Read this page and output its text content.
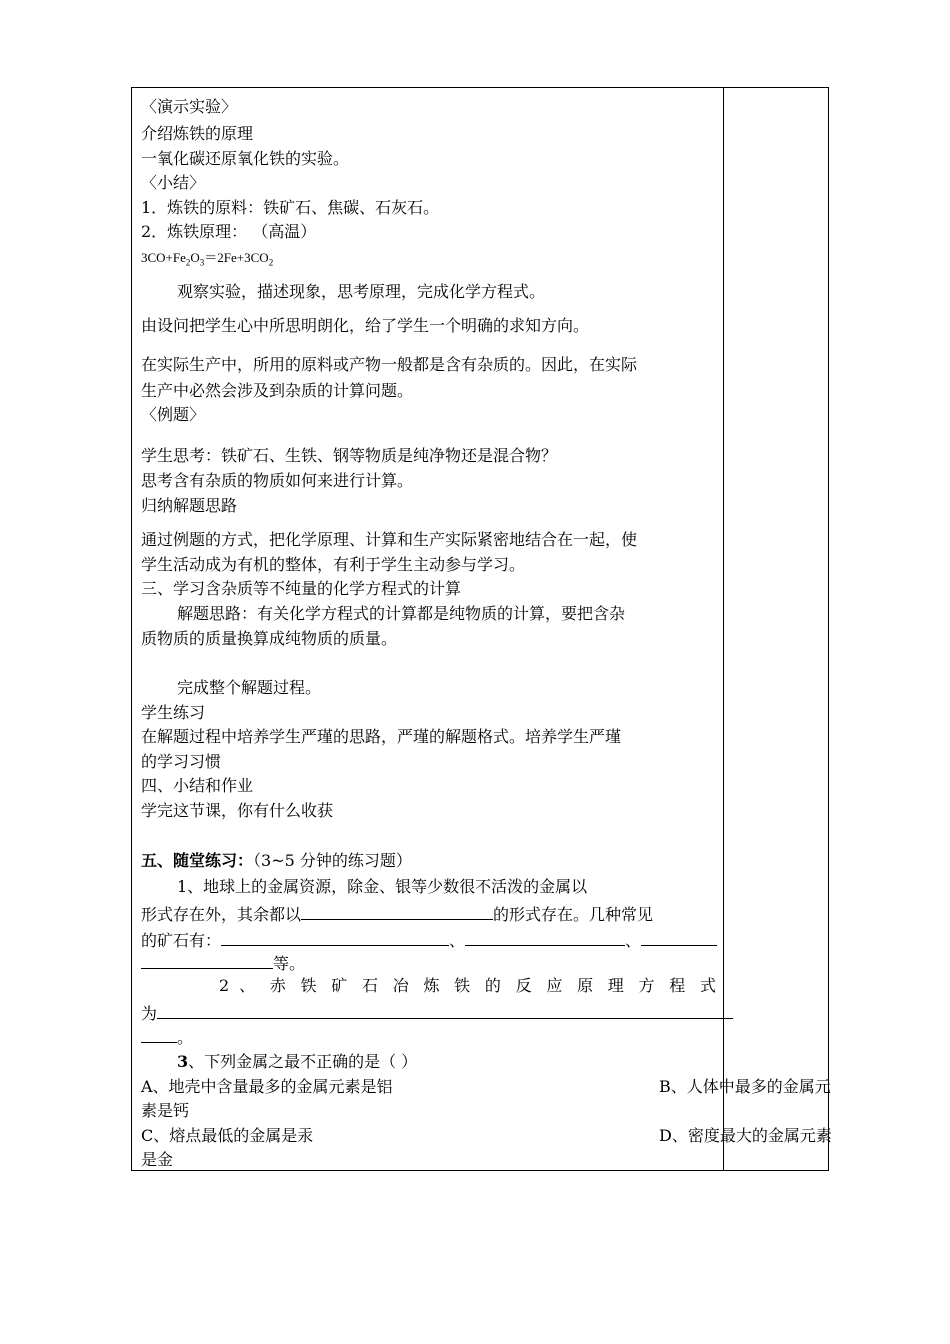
〈演示实验〉
介绍炼铁的原理
一氧化碳还原氧化铁的实验。
〈小结〉
1．炼铁的原料：铁矿石、焦碳、石灰石。
2．炼铁原理： （高温）
$3CO+Fe_2O_3=2Fe+3CO_2$
观察实验，描述现象，思考原理，完成化学方程式。
由设问把学生心中所思明朗化，给了学生一个明确的求知方向。
在实际生产中，所用的原料或产物一般都是含有杂质的。因此，在实际
生产中必然会涉及到杂质的计算问题。
〈例题〉
学生思考：铁矿石、生铁、钢等物质是纯净物还是混合物？
思考含有杂质的物质如何来进行计算。
归纳解题思路
通过例题的方式，把化学原理、计算和生产实际紧密地结合在一起，使
学生活动成为有机的整体，有利于学生主动参与学习。
三、学习含杂质等不纯量的化学方程式的计算
解题思路：有关化学方程式的计算都是纯物质的计算，要把含杂
质物质的质量换算成纯物质的质量。
完成整个解题过程。
学生练习
在解题过程中培养学生严瑾的思路，严瑾的解题格式。培养学生严瑾
的学习习惯
四、小结和作业
学完这节课，你有什么收获
五、随堂练习：（3~5 分钟的练习题）
1、地球上的金属资源，除金、银等少数很不活泼的金属以
形式存在外，其余都以	的形式存在。几种常见
的矿石有：	、	、
等。
2 、 赤 铁 矿 石 冶 炼 铁 的 反 应 原 理 方 程 式
为
。
3、下列金属之最不正确的是（ ）
A、地壳中含量最多的金属元素是铝	B、人体中最多的金属元
素是钙
C、熔点最低的金属是汞	D、密度最大的金属元素
是金
